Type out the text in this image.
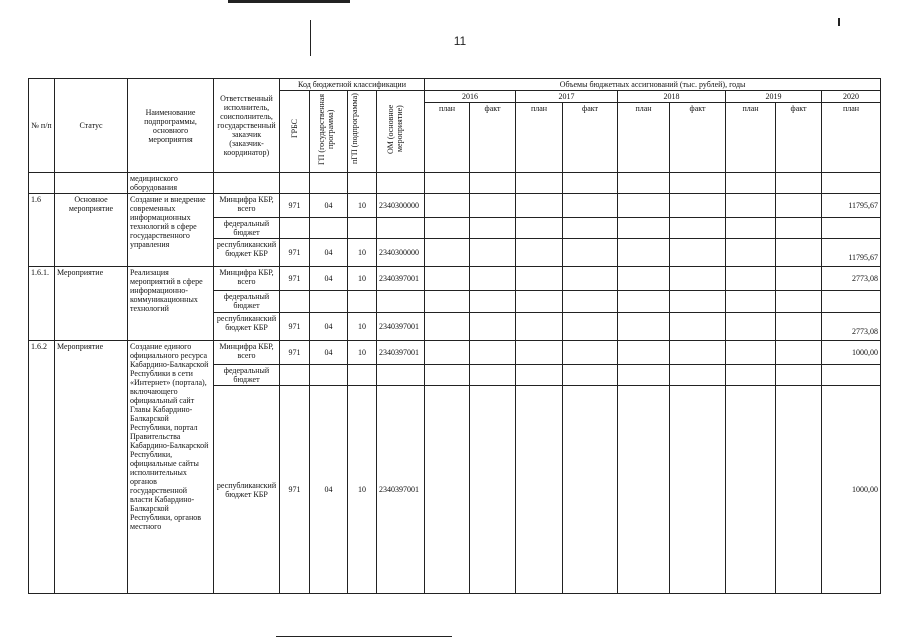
11
№ п/п	Статус	Наименование подпрограммы, основного мероприятия	Ответственный исполнитель, соисполнитель, государственный заказчик (заказчик-координатор)	Код бюджетной классификации				Объемы бюджетных ассигнований (тыс. рублей), годы								

				ГРБС	ГП (государственная программа)	пГП (подпрограмма)	ОМ (основное мероприятие)	2016		2017		2018		2019		2020
								план	факт	план	факт	план	факт	план	факт	план
		медицинского оборудования														
1.6	Основное мероприятие	Создание и внедрение современных информационных технологий в сфере государственного управления	Минцифра КБР, всего	971	04	10	2340300000									11795,67
			федеральный бюджет													
			республиканский бюджет КБР	971	04	10	2340300000									11795,67
1.6.1.	Мероприятие	Реализация мероприятий в сфере информационно-коммуникационных технологий	Минцифра КБР, всего	971	04	10	2340397001									2773,08
			федеральный бюджет													
			республиканский бюджет КБР	971	04	10	2340397001									2773,08
1.6.2	Мероприятие	Создание единого официального ресурса Кабардино-Балкарской Республики в сети «Интернет» (портала), включающего официальный сайт Главы Кабардино-Балкарской Республики, портал Правительства Кабардино-Балкарской Республики, официальные сайты исполнительных органов государственной власти Кабардино-Балкарской Республики, органов местного	Минцифра КБР, всего	971	04	10	2340397001									1000,00
			федеральный бюджет													
			республиканский бюджет КБР	971	04	10	2340397001									1000,00
